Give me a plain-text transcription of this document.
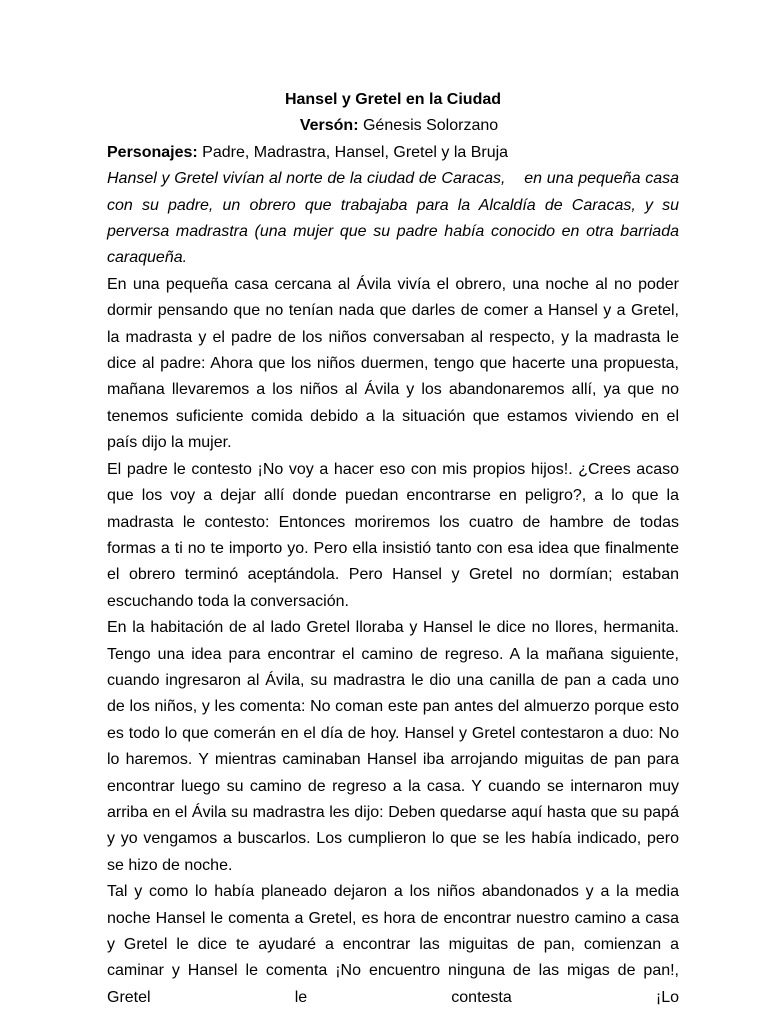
Hansel y Gretel en la Ciudad

Versón: Génesis Solorzano

Personajes: Padre, Madrastra, Hansel, Gretel y la Bruja

Hansel y Gretel vivían al norte de la ciudad de Caracas,    en una pequeña casa con su padre, un obrero que trabajaba para la Alcaldía de Caracas, y su perversa madrastra (una mujer que su padre había conocido en otra barriada caraqueña.

En una pequeña casa cercana al Ávila vivía el obrero, una noche al no poder dormir pensando que no tenían nada que darles de comer a Hansel y a Gretel, la madrasta y el padre de los niños conversaban al respecto, y la madrasta le dice al padre: Ahora que los niños duermen, tengo que hacerte una propuesta, mañana llevaremos a los niños al Ávila y los abandonaremos allí, ya que no tenemos suficiente comida debido a la situación que estamos viviendo en el país dijo la mujer.

El padre le contesto ¡No voy a hacer eso con mis propios hijos!. ¿Crees acaso que los voy a dejar allí donde puedan encontrarse en peligro?, a lo que la madrasta le contesto: Entonces moriremos los cuatro de hambre de todas formas a ti no te importo yo. Pero ella insistió tanto con esa idea que finalmente el obrero terminó aceptándola. Pero Hansel y Gretel no dormían; estaban escuchando toda la conversación.

En la habitación de al lado Gretel lloraba y Hansel le dice no llores, hermanita. Tengo una idea para encontrar el camino de regreso. A la mañana siguiente, cuando ingresaron al Ávila, su madrastra le dio una canilla de pan a cada uno de los niños, y les comenta: No coman este pan antes del almuerzo porque esto es todo lo que comerán en el día de hoy. Hansel y Gretel contestaron a duo: No lo haremos. Y mientras caminaban Hansel iba arrojando miguitas de pan para encontrar luego su camino de regreso a la casa. Y cuando se internaron muy arriba en el Ávila su madrastra les dijo: Deben quedarse aquí hasta que su papá y yo vengamos a buscarlos. Los cumplieron lo que se les había indicado, pero se hizo de noche.

Tal y como lo había planeado dejaron a los niños abandonados y a la media noche Hansel le comenta a Gretel, es hora de encontrar nuestro camino a casa y Gretel le dice te ayudaré a encontrar las miguitas de pan, comienzan a caminar y Hansel le comenta ¡No encuentro ninguna de las migas de pan!, Gretel le contesta ¡Lo
